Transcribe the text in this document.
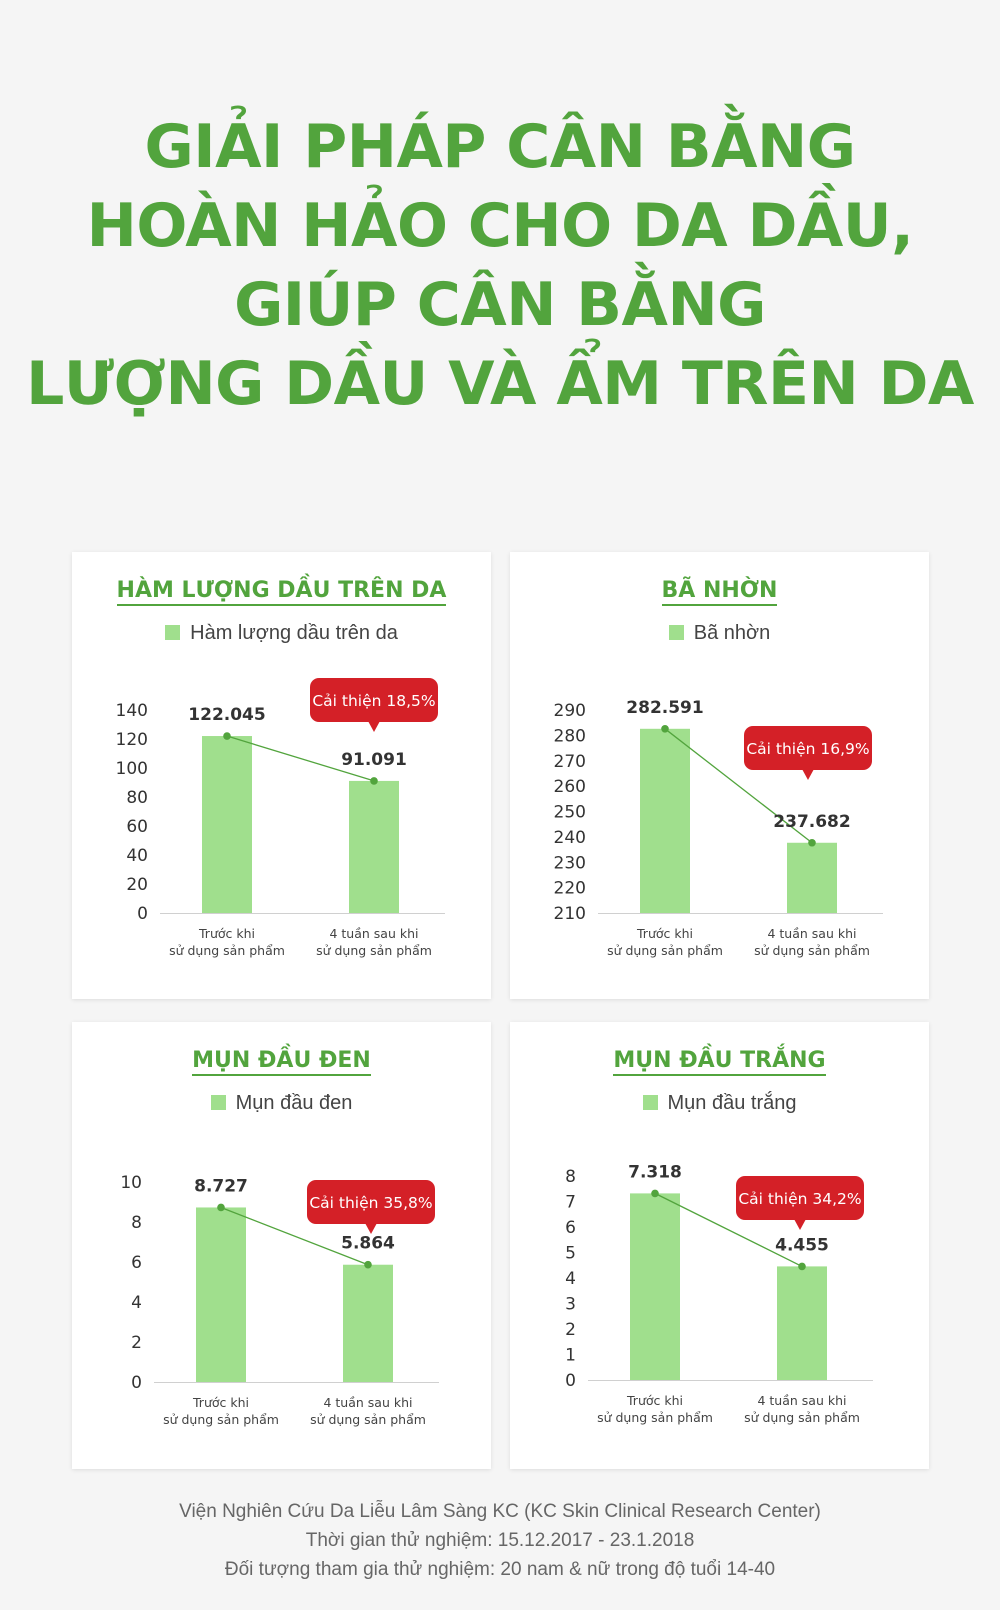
GIẢI PHÁP CÂN BẰNG
HOÀN HẢO CHO DA DẦU,
GIÚP CÂN BẰNG
LƯỢNG DẦU VÀ ẨM TRÊN DA
HÀM LƯỢNG DẦU TRÊN DA
Hàm lượng dầu trên da
0
20
40
60
80
100
120
140 122.045
91.091
Trước khi
sử dụng sản phẩm
4 tuần sau khi
sử dụng sản phẩm
Cải thiện 18,5%
BÃ NHỜN
Bã nhờn
210
220
230
240
250
260
270
280
290 282.591
237.682
Trước khi
sử dụng sản phẩm
4 tuần sau khi
sử dụng sản phẩm
Cải thiện 16,9%
MỤN ĐẦU ĐEN
Mụn đầu đen
0
2
4
6
8
10	8.727
5.864
Trước khi
sử dụng sản phẩm
4 tuần sau khi
sử dụng sản phẩm
Cải thiện 35,8%
MỤN ĐẦU TRẮNG
Mụn đầu trắng
0
1
2
3
4
5
6
7
8	7.318
4.455
Trước khi
sử dụng sản phẩm
4 tuần sau khi
sử dụng sản phẩm
Cải thiện 34,2%
Viện Nghiên Cứu Da Liễu Lâm Sàng KC (KC Skin Clinical Research Center)
Thời gian thử nghiệm: 15.12.2017 - 23.1.2018
Đối tượng tham gia thử nghiệm: 20 nam & nữ trong độ tuổi 14-40
